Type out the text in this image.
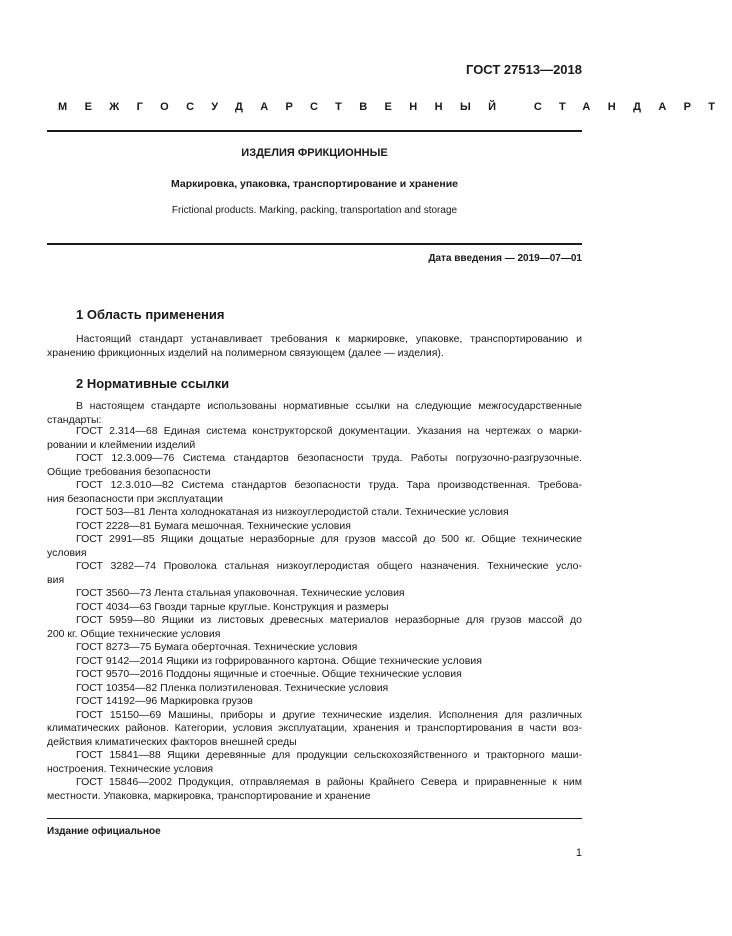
ГОСТ 27513—2018
МЕЖГОСУДАРСТВЕННЫЙ СТАНДАРТ
ИЗДЕЛИЯ ФРИКЦИОННЫЕ
Маркировка, упаковка, транспортирование и хранение
Frictional products. Marking, packing, transportation and storage
Дата введения — 2019—07—01
1 Область применения
Настоящий стандарт устанавливает требования к маркировке, упаковке, транспортированию и
хранению фрикционных изделий на полимерном связующем (далее — изделия).
2 Нормативные ссылки
В настоящем стандарте использованы нормативные ссылки на следующие межгосударственные
стандарты:
ГОСТ 2.314—68 Единая система конструкторской документации. Указания на чертежах о марки-
ровании и клеймении изделий
ГОСТ 12.3.009—76 Система стандартов безопасности труда. Работы погрузочно-разгрузочные.
Общие требования безопасности
ГОСТ 12.3.010—82 Система стандартов безопасности труда. Тара производственная. Требова-
ния безопасности при эксплуатации
ГОСТ 503—81 Лента холоднокатаная из низкоуглеродистой стали. Технические условия
ГОСТ 2228—81 Бумага мешочная. Технические условия
ГОСТ 2991—85 Ящики дощатые неразборные для грузов массой до 500 кг. Общие технические
условия
ГОСТ 3282—74 Проволока стальная низкоуглеродистая общего назначения. Технические усло-
вия
ГОСТ 3560—73 Лента стальная упаковочная. Технические условия
ГОСТ 4034—63 Гвозди тарные круглые. Конструкция и размеры
ГОСТ 5959—80 Ящики из листовых древесных материалов неразборные для грузов массой до
200 кг. Общие технические условия
ГОСТ 8273—75 Бумага оберточная. Технические условия
ГОСТ 9142—2014 Ящики из гофрированного картона. Общие технические условия
ГОСТ 9570—2016 Поддоны ящичные и стоечные. Общие технические условия
ГОСТ 10354—82 Пленка полиэтиленовая. Технические условия
ГОСТ 14192—96 Маркировка грузов
ГОСТ 15150—69 Машины, приборы и другие технические изделия. Исполнения для различных
климатических районов. Категории, условия эксплуатации, хранения и транспортирования в части воз-
действия климатических факторов внешней среды
ГОСТ 15841—88 Ящики деревянные для продукции сельскохозяйственного и тракторного маши-
ностроения. Технические условия
ГОСТ 15846—2002 Продукция, отправляемая в районы Крайнего Севера и приравненные к ним
местности. Упаковка, маркировка, транспортирование и хранение
Издание официальное
1
